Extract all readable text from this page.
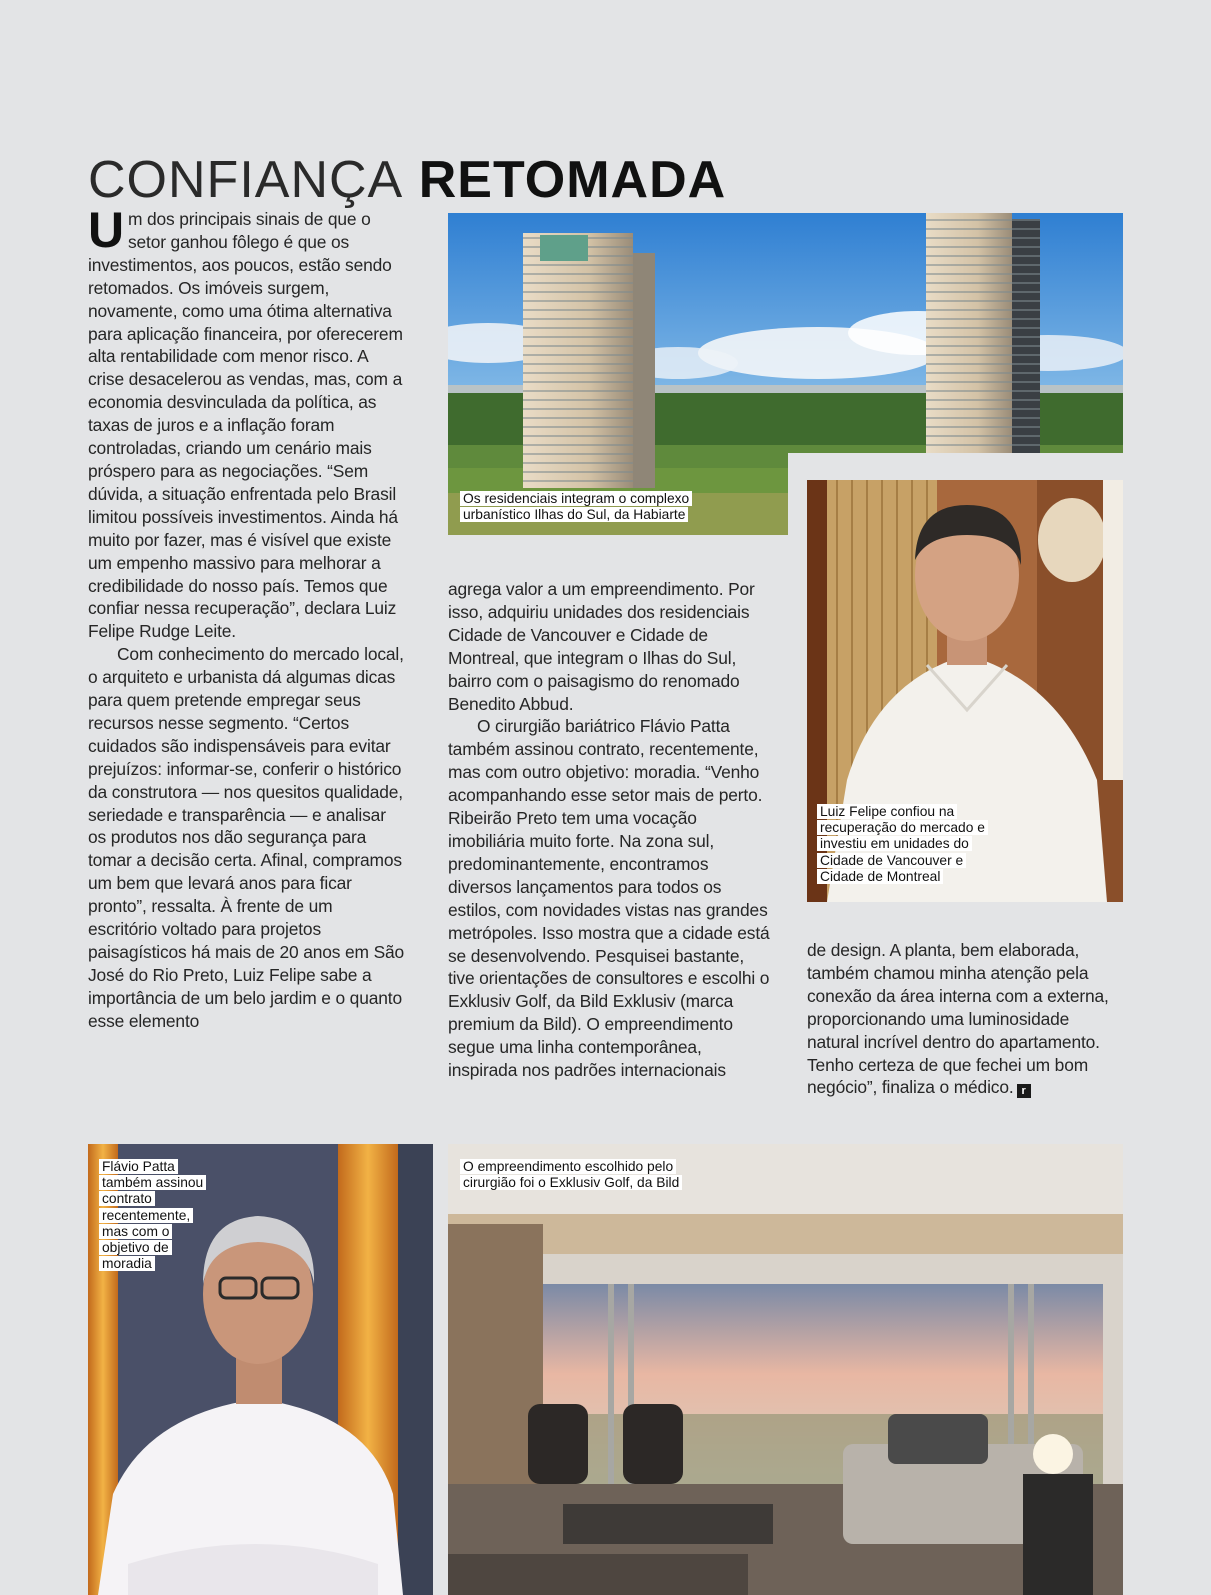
CONFIANÇA RETOMADA

Um dos principais sinais de que o setor ganhou fôlego é que os investimentos, aos poucos, estão sendo retomados. Os imóveis surgem, novamente, como uma ótima alternativa para aplicação financeira, por oferecerem alta rentabilidade com menor risco. A crise desacelerou as vendas, mas, com a economia desvinculada da política, as taxas de juros e a inflação foram controladas, criando um cenário mais próspero para as negociações. “Sem dúvida, a situação enfrentada pelo Brasil limitou possíveis investimentos. Ainda há muito por fazer, mas é visível que existe um empenho massivo para melhorar a credibilidade do nosso país. Temos que confiar nessa recuperação”, declara Luiz Felipe Rudge Leite.

Com conhecimento do mercado local, o arquiteto e urbanista dá algumas dicas para quem pretende empregar seus recursos nesse segmento. “Certos cuidados são indispensáveis para evitar prejuízos: informar-se, conferir o histórico da construtora — nos quesitos qualidade, seriedade e transparência — e analisar os produtos nos dão segurança para tomar a decisão certa. Afinal, compramos um bem que levará anos para ficar pronto”, ressalta. À frente de um escritório voltado para projetos paisagísticos há mais de 20 anos em São José do Rio Preto, Luiz Felipe sabe a importância de um belo jardim e o quanto esse elemento

agrega valor a um empreendimento. Por isso, adquiriu unidades dos residenciais Cidade de Vancouver e Cidade de Montreal, que integram o Ilhas do Sul, bairro com o paisagismo do renomado Benedito Abbud.

O cirurgião bariátrico Flávio Patta também assinou contrato, recentemente, mas com outro objetivo: moradia. “Venho acompanhando esse setor mais de perto. Ribeirão Preto tem uma vocação imobiliária muito forte. Na zona sul, predominantemente, encontramos diversos lançamentos para todos os estilos, com novidades vistas nas grandes metrópoles. Isso mostra que a cidade está se desenvolvendo. Pesquisei bastante, tive orientações de consultores e escolhi o Exklusiv Golf, da Bild Exklusiv (marca premium da Bild). O empreendimento segue uma linha contemporânea, inspirada nos padrões internacionais

de design. A planta, bem elaborada, também chamou minha atenção pela conexão da área interna com a externa, proporcionando uma luminosidade natural incrível dentro do apartamento. Tenho certeza de que fechei um bom negócio”, finaliza o médico. r

Os residenciais integram o complexo urbanístico Ilhas do Sul, da Habiarte
Luiz Felipe confiou na recuperação do mercado e investiu em unidades do Cidade de Vancouver e Cidade de Montreal
Flávio Patta também assinou contrato recentemente, mas com o objetivo de moradia
O empreendimento escolhido pelo cirurgião foi o Exklusiv Golf, da Bild
